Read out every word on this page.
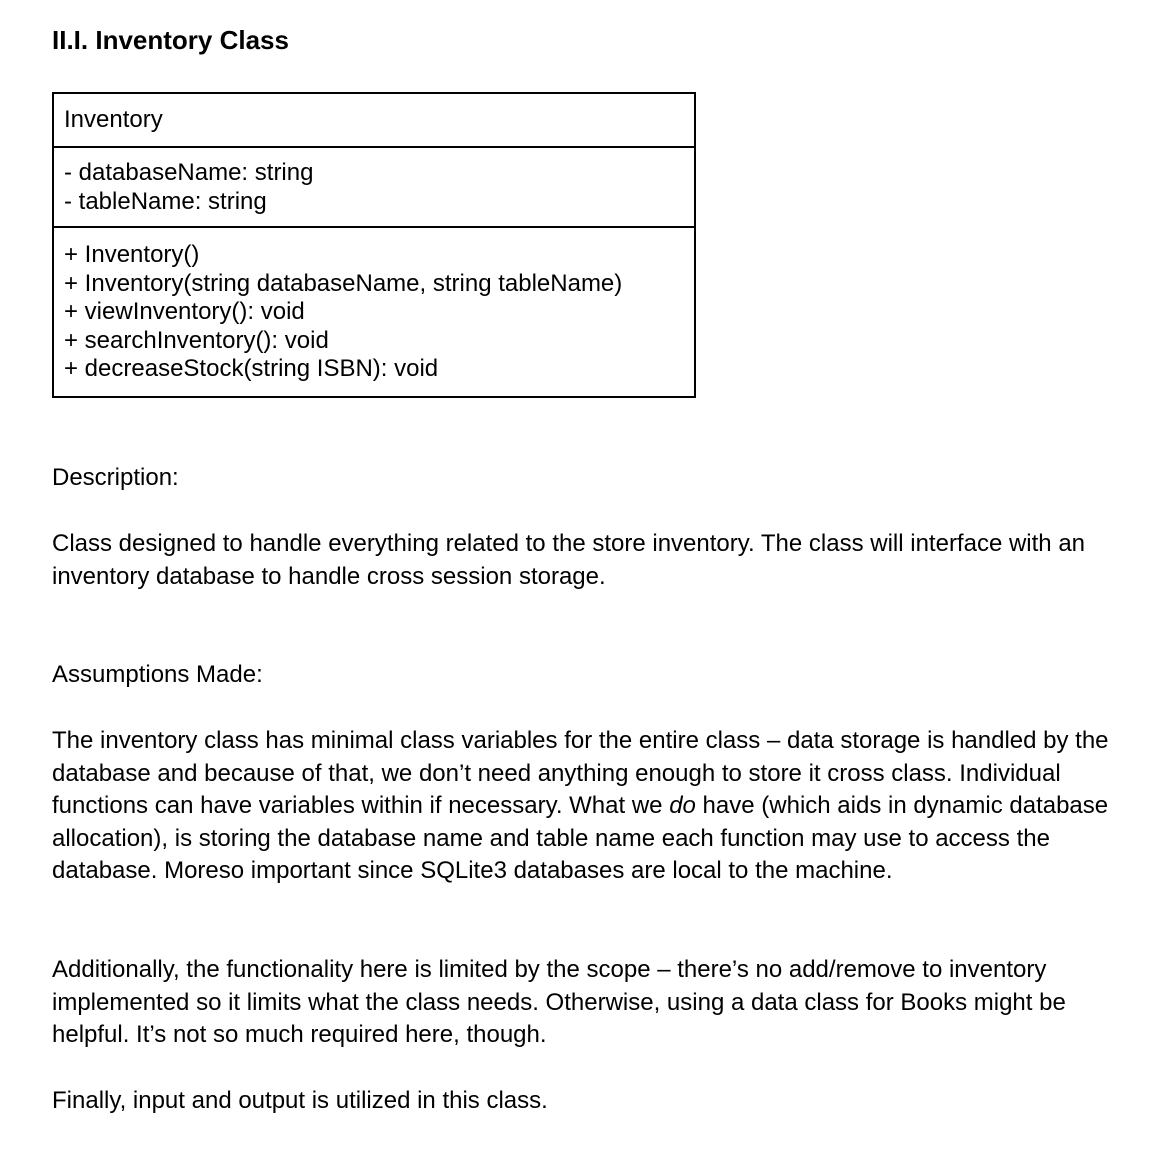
II.I. Inventory Class
Inventory
- databaseName: string
- tableName: string
+ Inventory()
+ Inventory(string databaseName, string tableName)
+ viewInventory(): void
+ searchInventory(): void
+ decreaseStock(string ISBN): void

Description:

Class designed to handle everything related to the store inventory. The class will interface with an inventory database to handle cross session storage.

Assumptions Made:

The inventory class has minimal class variables for the entire class – data storage is handled by the database and because of that, we don’t need anything enough to store it cross class. Individual functions can have variables within if necessary. What we do have (which aids in dynamic database allocation), is storing the database name and table name each function may use to access the database. Moreso important since SQLite3 databases are local to the machine.

Additionally, the functionality here is limited by the scope – there’s no add/remove to inventory implemented so it limits what the class needs. Otherwise, using a data class for Books might be helpful. It’s not so much required here, though.

Finally, input and output is utilized in this class.
